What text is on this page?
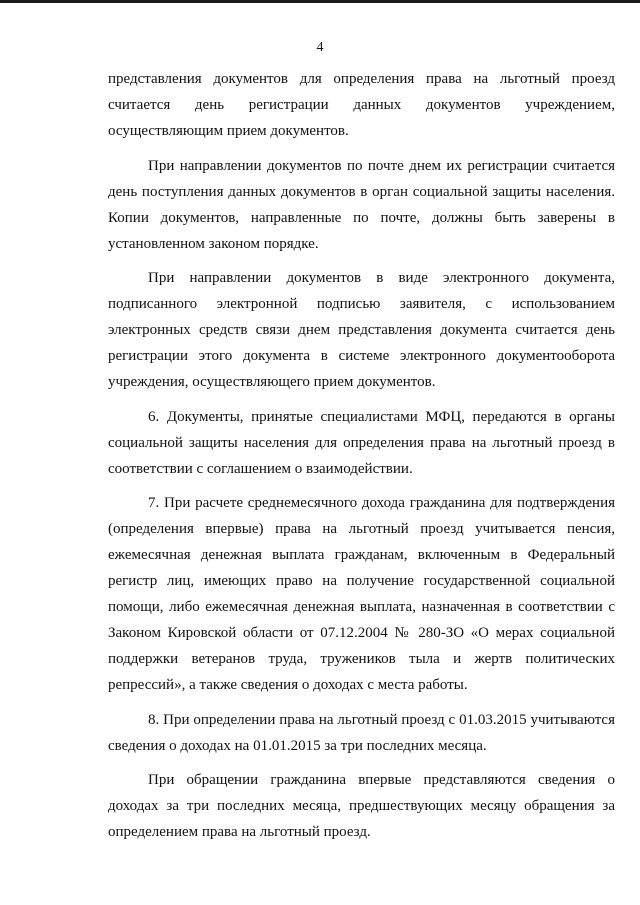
4

представления документов для определения права на льготный проезд считается день регистрации данных документов учреждением, осуществляющим прием документов.

При направлении документов по почте днем их регистрации считается день поступления данных документов в орган социальной защиты населения. Копии документов, направленные по почте, должны быть заверены в установленном законом порядке.

При направлении документов в виде электронного документа, подписанного электронной подписью заявителя, с использованием электронных средств связи днем представления документа считается день регистрации этого документа в системе электронного документооборота учреждения, осуществляющего прием документов.

6. Документы, принятые специалистами МФЦ, передаются в органы социальной защиты населения для определения права на льготный проезд в соответствии с соглашением о взаимодействии.

7. При расчете среднемесячного дохода гражданина для подтверждения (определения впервые) права на льготный проезд учитывается пенсия, ежемесячная денежная выплата гражданам, включенным в Федеральный регистр лиц, имеющих право на получение государственной социальной помощи, либо ежемесячная денежная выплата, назначенная в соответствии с Законом Кировской области от 07.12.2004 № 280-ЗО «О мерах социальной поддержки ветеранов труда, тружеников тыла и жертв политических репрессий», а также сведения о доходах с места работы.

8. При определении права на льготный проезд с 01.03.2015 учитываются сведения о доходах на 01.01.2015 за три последних месяца.

При обращении гражданина впервые представляются сведения о доходах за три последних месяца, предшествующих месяцу обращения за определением права на льготный проезд.
